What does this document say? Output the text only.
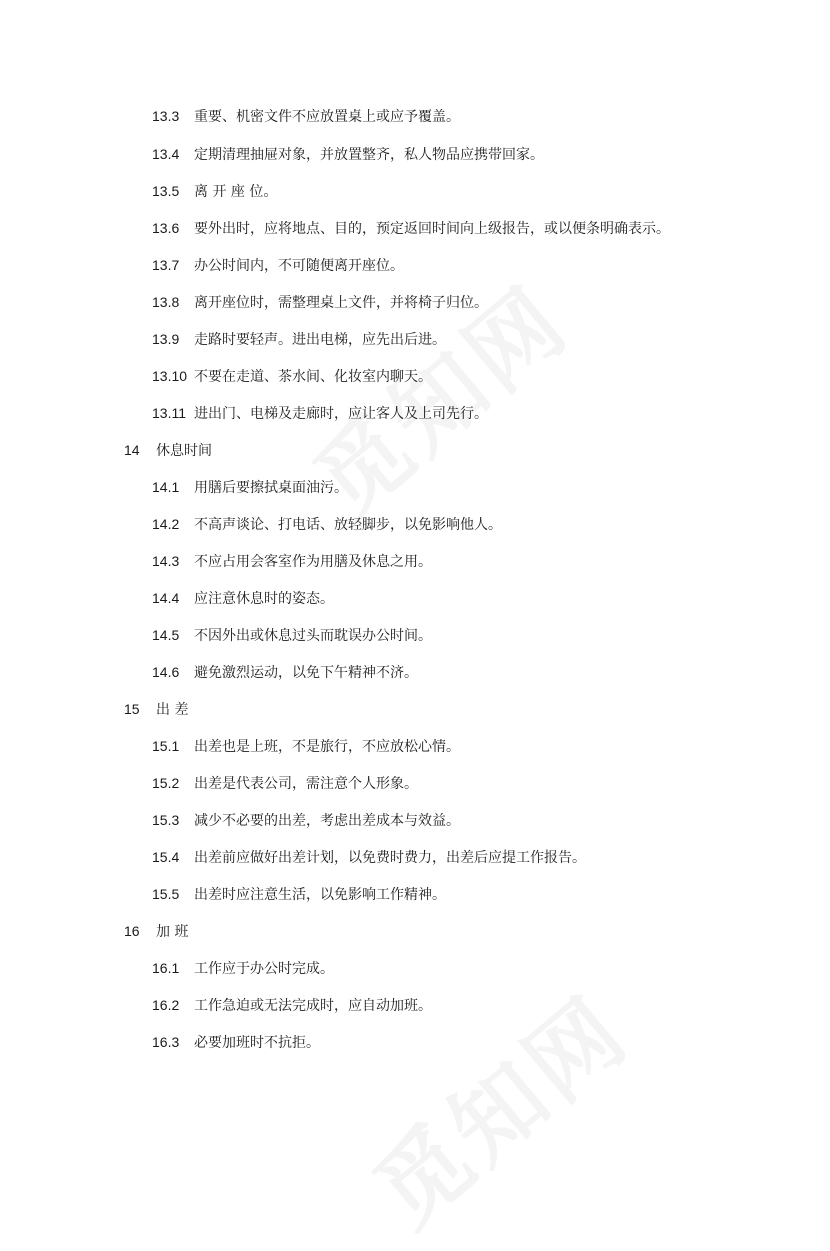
13.3	重要、机密文件不应放置桌上或应予覆盖。
13.4	定期清理抽屉对象，并放置整齐，私人物品应携带回家。
13.5	离 开 座 位。
13.6	要外出时，应将地点、目的，预定返回时间向上级报告，或以便条明确表示。
13.7	办公时间内，不可随便离开座位。
13.8	离开座位时，需整理桌上文件，并将椅子归位。
13.9	走路时要轻声。进出电梯，应先出后进。
13.10 不要在走道、茶水间、化妆室内聊天。
13.11 进出门、电梯及走廊时，应让客人及上司先行。
14	休息时间
14.1	用膳后要擦拭桌面油污。
14.2	不高声谈论、打电话、放轻脚步，以免影响他人。
14.3	不应占用会客室作为用膳及休息之用。
14.4	应注意休息时的姿态。
14.5	不因外出或休息过头而耽误办公时间。
14.6	避免激烈运动，以免下午精神不济。
15	出 差
15.1	出差也是上班，不是旅行，不应放松心情。
15.2	出差是代表公司，需注意个人形象。
15.3	减少不必要的出差，考虑出差成本与效益。
15.4	出差前应做好出差计划，以免费时费力，出差后应提工作报告。
15.5	出差时应注意生活，以免影响工作精神。
16	加 班
16.1	工作应于办公时完成。
16.2	工作急迫或无法完成时，应自动加班。
16.3	必要加班时不抗拒。
